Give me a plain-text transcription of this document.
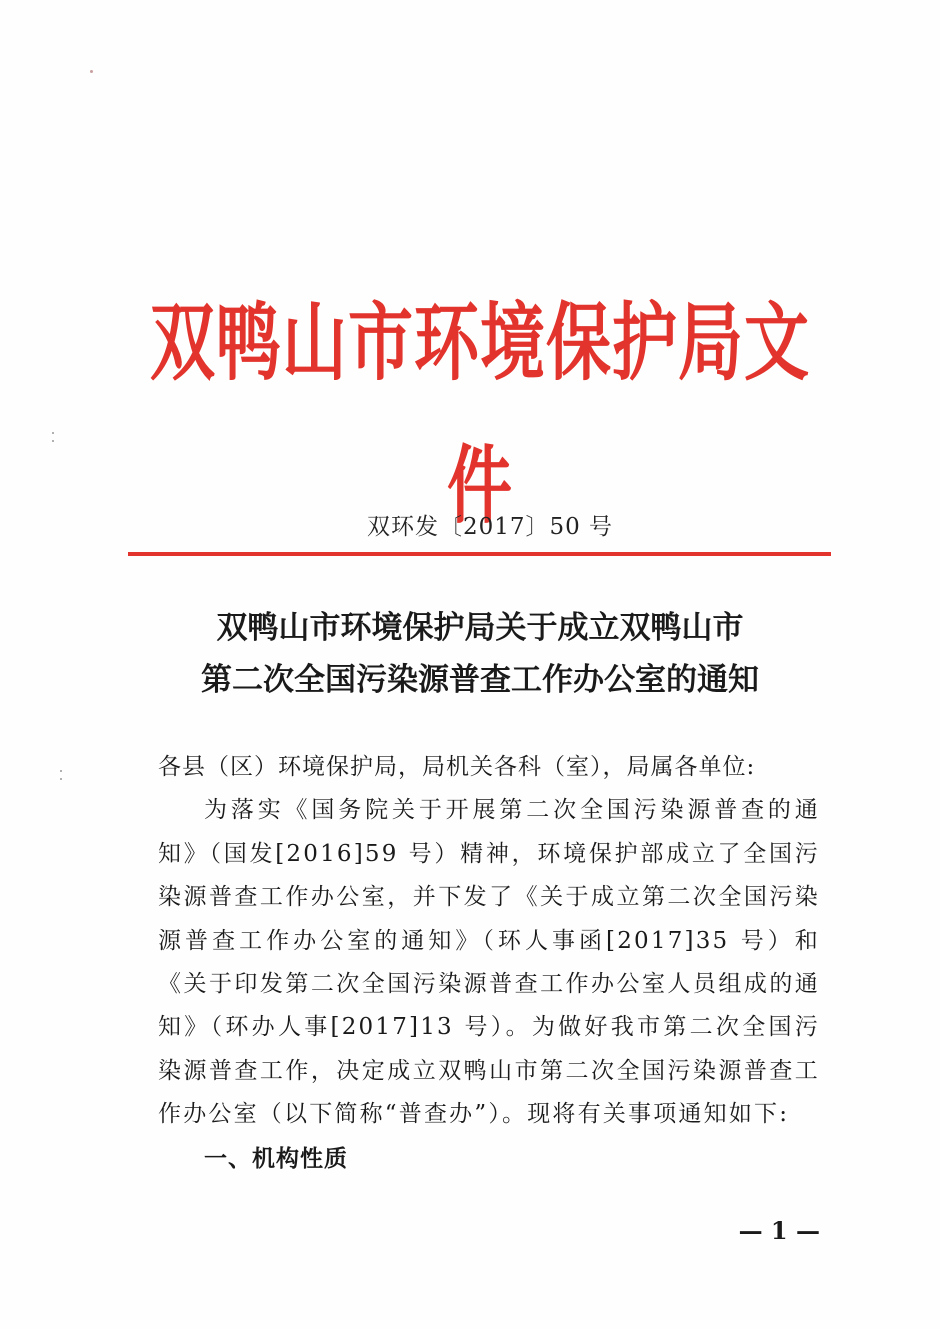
双鸭山市环境保护局文件
双环发〔2017〕50 号
双鸭山市环境保护局关于成立双鸭山市
第二次全国污染源普查工作办公室的通知
各县（区）环境保护局，局机关各科（室），局属各单位:
为落实《国务院关于开展第二次全国污染源普查的通知》（国发[2016]59 号）精神，环境保护部成立了全国污染源普查工作办公室，并下发了《关于成立第二次全国污染源普查工作办公室的通知》（环人事函[2017]35 号）和《关于印发第二次全国污染源普查工作办公室人员组成的通知》（环办人事[2017]13 号）。为做好我市第二次全国污染源普查工作，决定成立双鸭山市第二次全国污染源普查工作办公室（以下简称“普查办”）。现将有关事项通知如下:
一、机构性质
— 1 —
